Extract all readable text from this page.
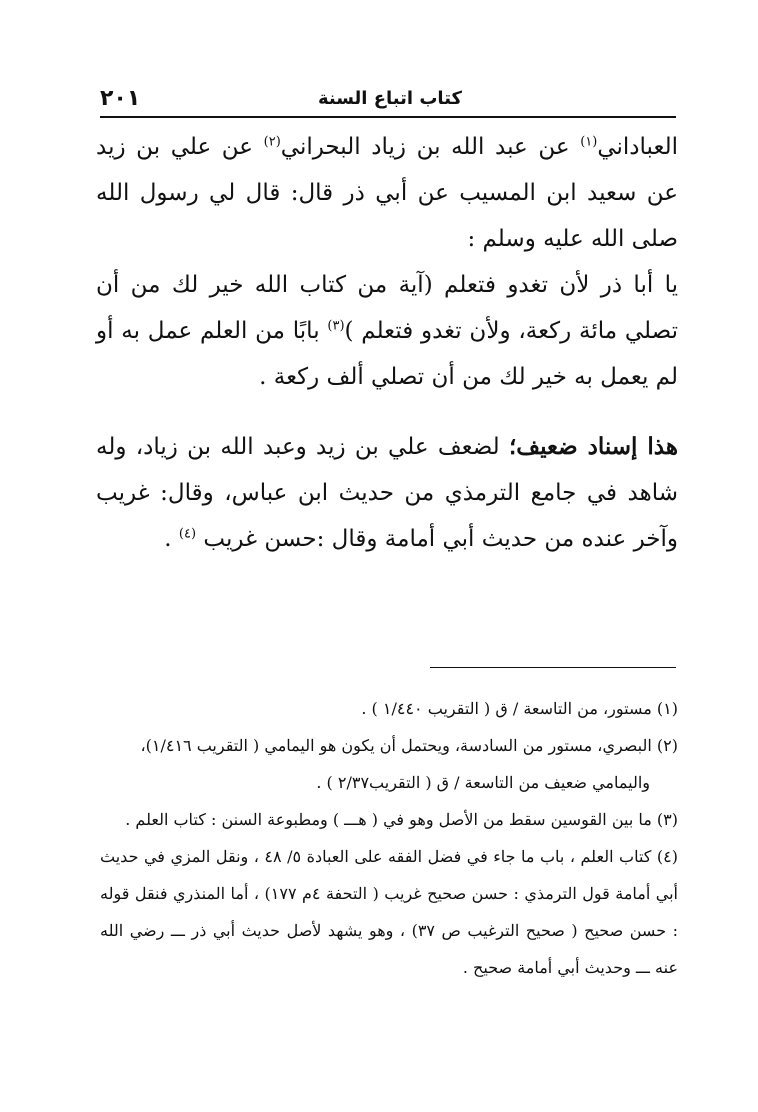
٢٠١	كتاب اتباع السنة

العباداني$^{(١)}$ عن عبد الله بن زياد البحراني$^{(٢)}$ عن علي بن زيد عن سعيد ابن المسيب عن أبي ذر قال: قال لي رسول الله صلى الله عليه وسلم :

يا أبا ذر لأن تغدو فتعلم (آية من كتاب الله خير لك من أن تصلي مائة ركعة، ولأن تغدو فتعلم )$^{(٣)}$ بابًا من العلم عمل به أو لم يعمل به خير لك من أن تصلي ألف ركعة .

هذا إسناد ضعيف؛ لضعف علي بن زيد وعبد الله بن زياد، وله شاهد في جامع الترمذي من حديث ابن عباس، وقال: غريب وآخر عنده من حديث أبي أمامة وقال :حسن غريب $^{(٤)}$ .

(١) مستور، من التاسعة / ق ( التقريب ١/٤٤٠ ) .

(٢) البصري، مستور من السادسة، ويحتمل أن يكون هو اليمامي ( التقريب ١/٤١٦)،

واليمامي ضعيف من التاسعة / ق ( التقريب٢/٣٧ ) .

(٣) ما بين القوسين سقط من الأصل وهو في ( هـــ ) ومطبوعة السنن : كتاب العلم .

(٤) كتاب العلم ، باب ما جاء في فضل الفقه على العبادة ٥/ ٤٨ ، ونقل المزي في حديث أبي أمامة قول الترمذي : حسن صحيح غريب ( التحفة ٤م ١٧٧) ، أما المنذري فنقل قوله : حسن صحيح ( صحيح الترغيب ص ٣٧) ، وهو يشهد لأصل حديث أبي ذر ـــ رضي الله عنه ـــ وحديث أبي أمامة صحيح .
